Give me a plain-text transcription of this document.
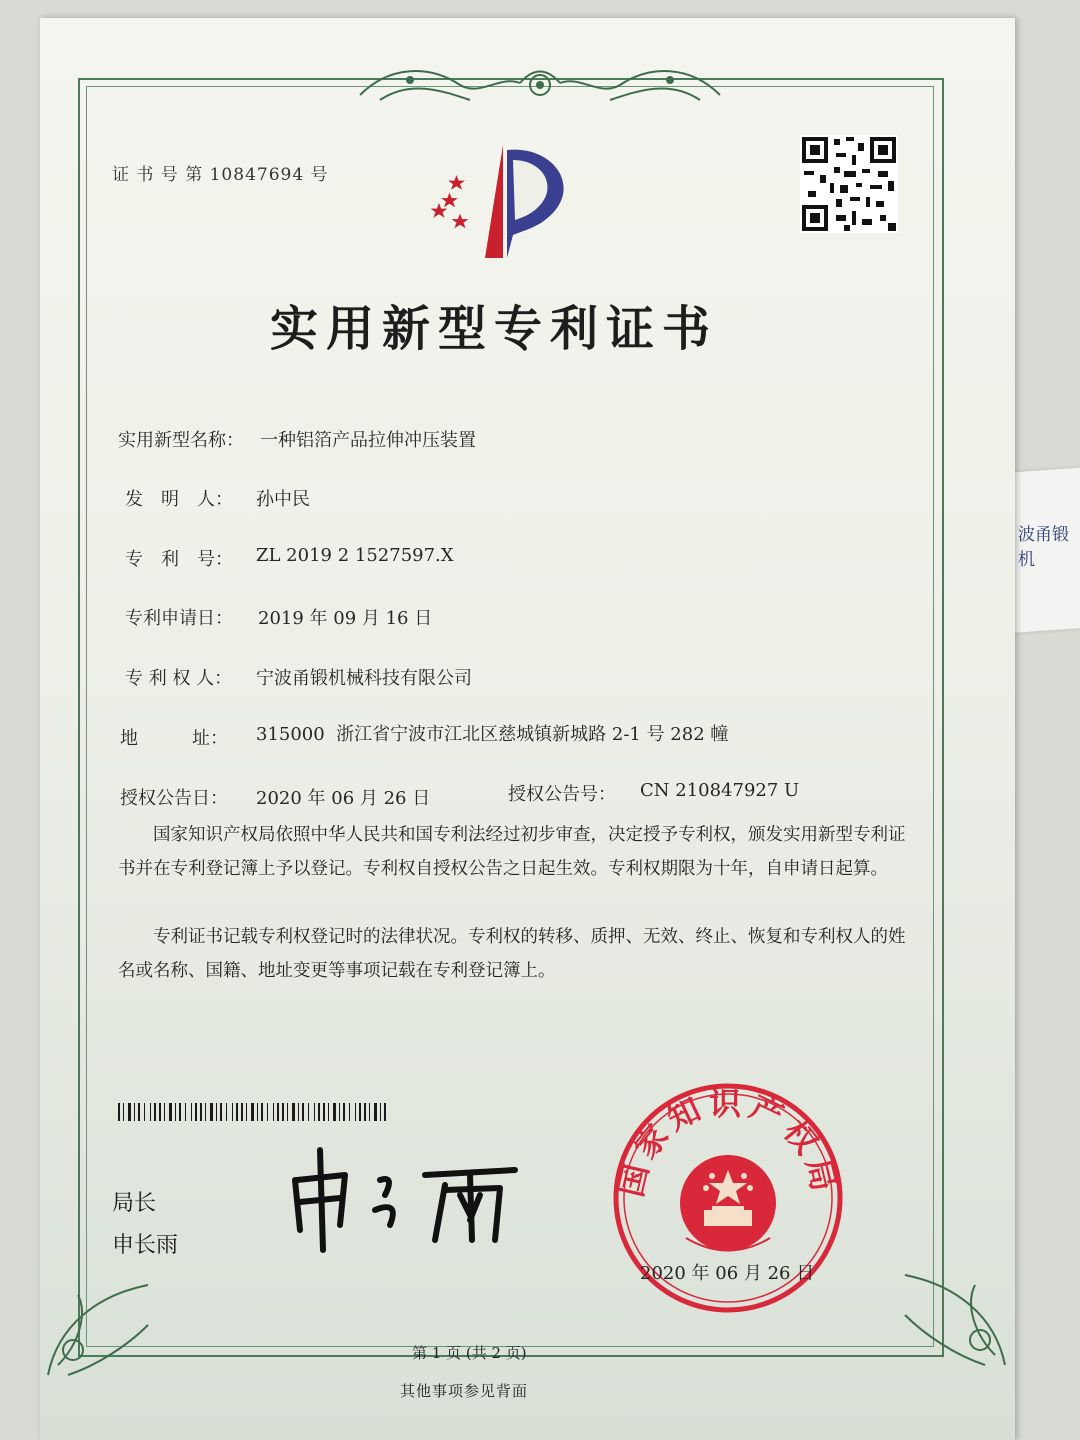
波甬锻机
证 书 号 第 10847694 号
实用新型专利证书
实用新型名称： 一种铝箔产品拉伸冲压装置
发　明　人： 孙中民
专　利　号： ZL 2019 2 1527597.X
专利申请日： 2019 年 09 月 16 日
专 利 权 人： 宁波甬锻机械科技有限公司
地　　　址： 315000  浙江省宁波市江北区慈城镇新城路 2-1 号 282 幢
授权公告日： 2020 年 06 月 26 日	授权公告号： CN 210847927 U
国家知识产权局依照中华人民共和国专利法经过初步审查，决定授予专利权，颁发实用新型专利证书并在专利登记簿上予以登记。专利权自授权公告之日起生效。专利权期限为十年，自申请日起算。
专利证书记载专利权登记时的法律状况。专利权的转移、质押、无效、终止、恢复和专利权人的姓名或名称、国籍、地址变更等事项记载在专利登记簿上。
局长
申长雨
国家知识产权局
2020 年 06 月 26 日
第 1 页 (共 2 页)
其他事项参见背面
